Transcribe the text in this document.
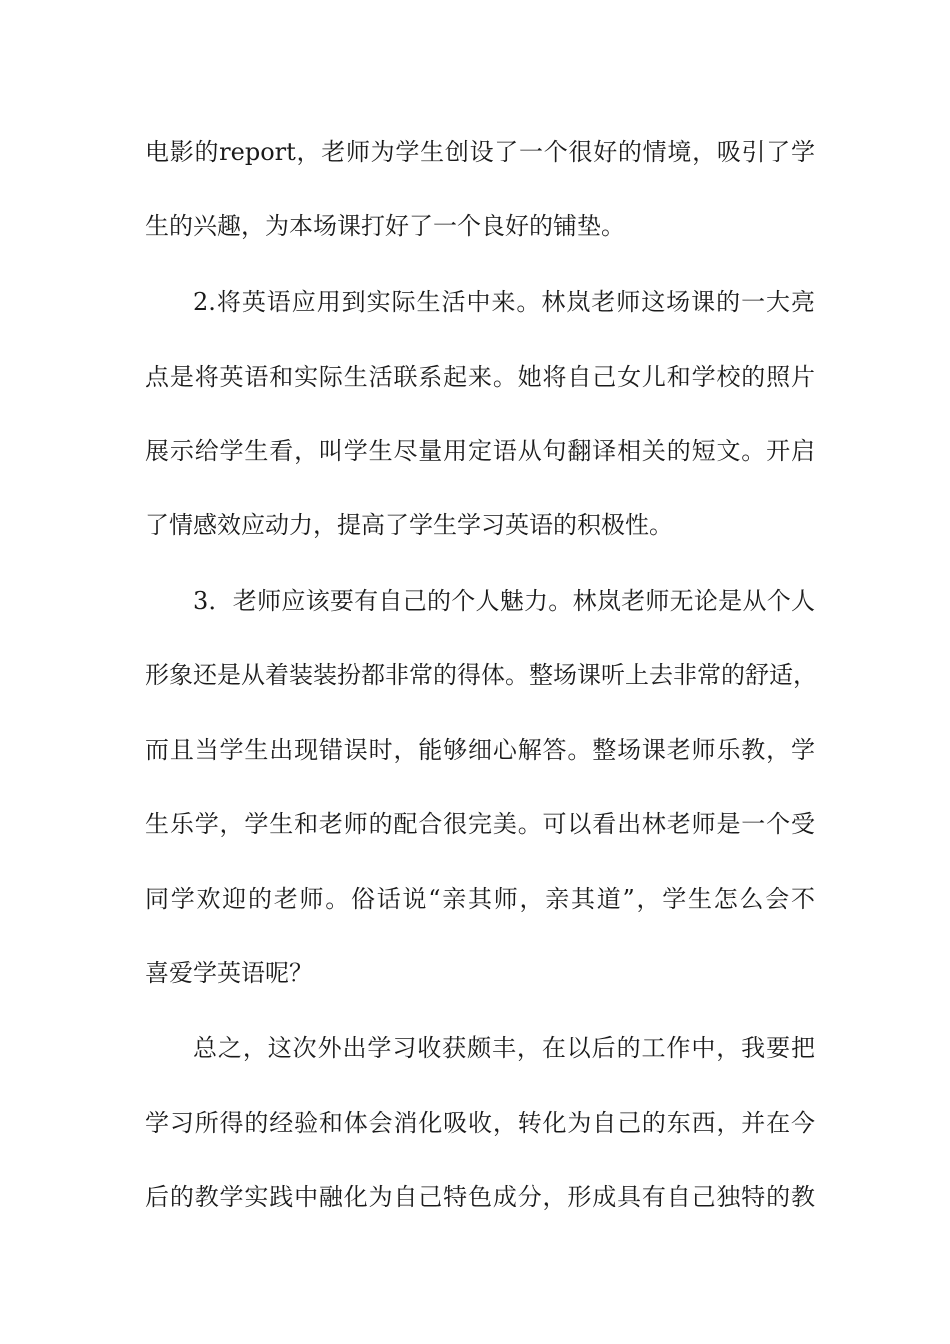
电影的report，老师为学生创设了一个很好的情境，吸引了学
生的兴趣，为本场课打好了一个良好的铺垫。
2.将英语应用到实际生活中来。林岚老师这场课的一大亮
点是将英语和实际生活联系起来。她将自己女儿和学校的照片
展示给学生看，叫学生尽量用定语从句翻译相关的短文。开启
了情感效应动力，提高了学生学习英语的积极性。
3．老师应该要有自己的个人魅力。林岚老师无论是从个人
形象还是从着装装扮都非常的得体。整场课听上去非常的舒适，
而且当学生出现错误时，能够细心解答。整场课老师乐教，学
生乐学，学生和老师的配合很完美。可以看出林老师是一个受
同学欢迎的老师。俗话说“亲其师，亲其道”，学生怎么会不
喜爱学英语呢？
总之，这次外出学习收获颇丰，在以后的工作中，我要把
学习所得的经验和体会消化吸收，转化为自己的东西，并在今
后的教学实践中融化为自己特色成分，形成具有自己独特的教
